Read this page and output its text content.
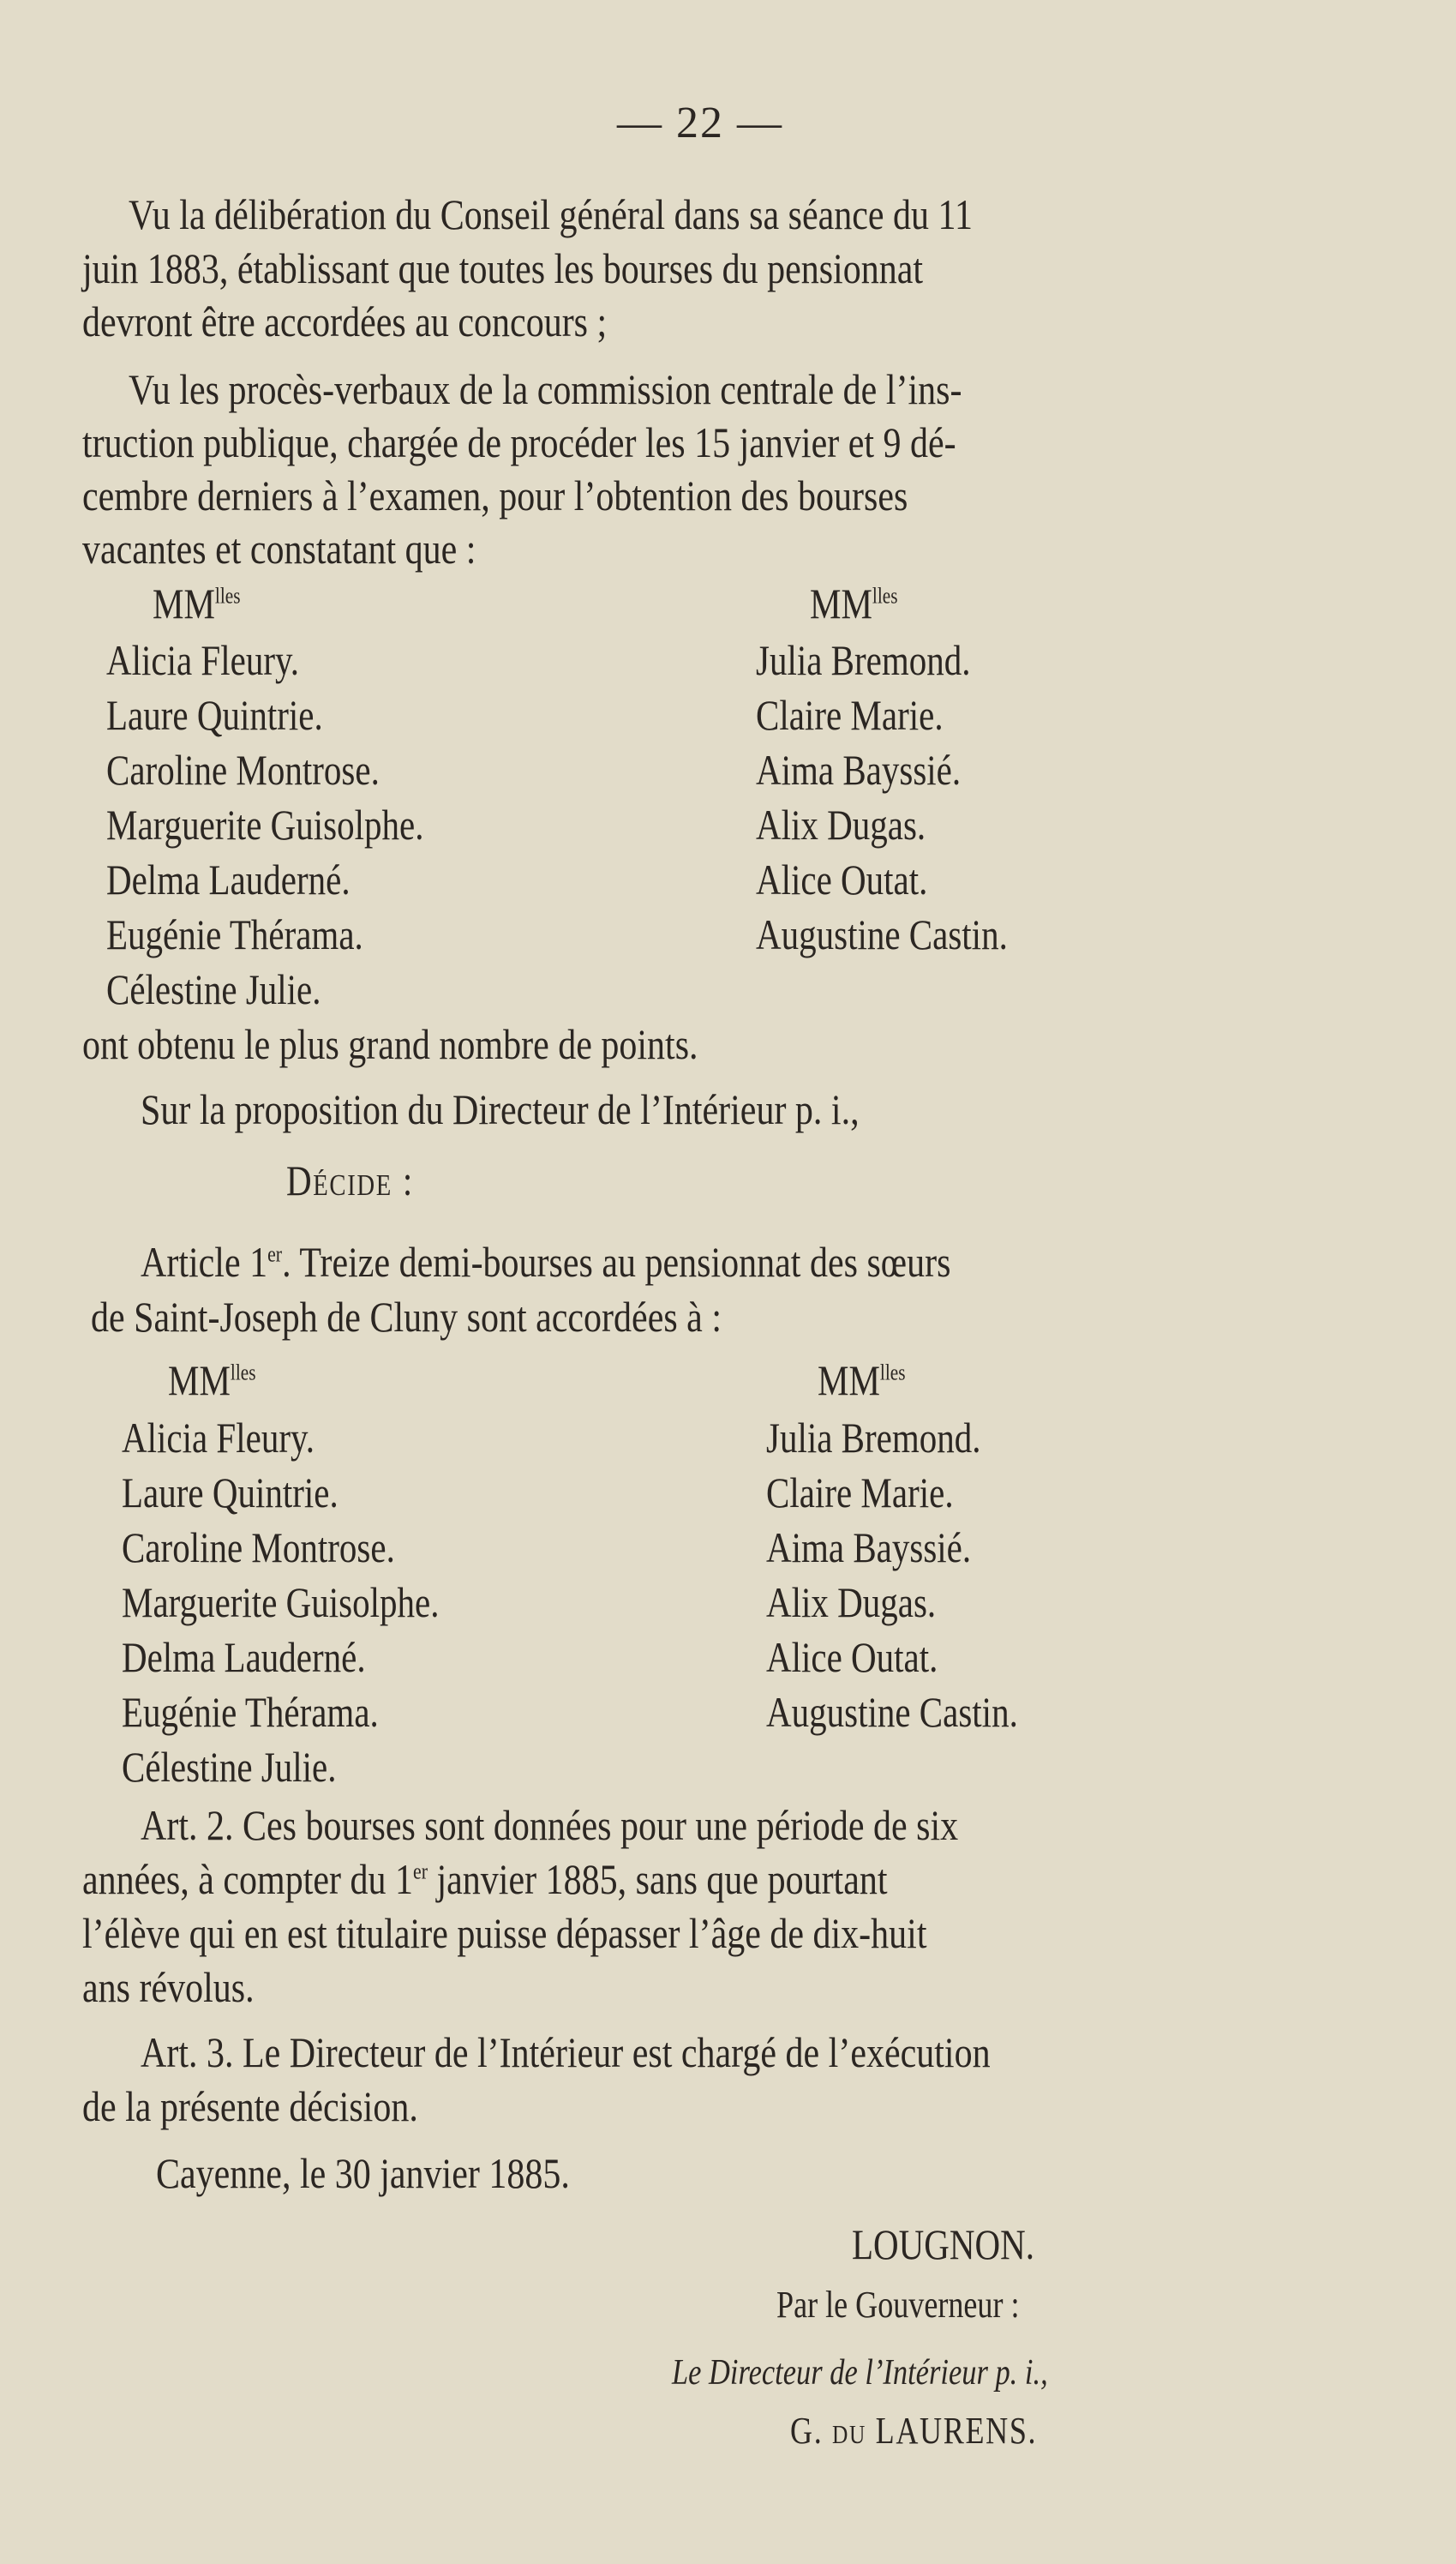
— 22 —
Vu la délibération du Conseil général dans sa séance du 11
juin 1883, établissant que toutes les bourses du pensionnat
devront être accordées au concours ;
Vu les procès-verbaux de la commission centrale de l’ins-
truction publique, chargée de procéder les 15 janvier et 9 dé-
cembre derniers à l’examen, pour l’obtention des bourses
vacantes et constatant que :
$MM^{lles}$	$MM^{lles}$
Alicia Fleury.
Laure Quintrie.
Caroline Montrose.
Marguerite Guisolphe.
Delma Lauderné.
Eugénie Thérama.
Célestine Julie.
Julia Bremond.
Claire Marie.
Aima Bayssié.
Alix Dugas.
Alice Outat.
Augustine Castin.
ont obtenu le plus grand nombre de points.
Sur la proposition du Directeur de l’Intérieur p. i.,
Décide :
Article 1er. Treize demi-bourses au pensionnat des sœurs
de Saint-Joseph de Cluny sont accordées à :
$MM^{lles}$	$MM^{lles}$
Alicia Fleury.
Laure Quintrie.
Caroline Montrose.
Marguerite Guisolphe.
Delma Lauderné.
Eugénie Thérama.
Célestine Julie.
Julia Bremond.
Claire Marie.
Aima Bayssié.
Alix Dugas.
Alice Outat.
Augustine Castin.
Art. 2. Ces bourses sont données pour une période de six
années, à compter du 1er janvier 1885, sans que pourtant
l’élève qui en est titulaire puisse dépasser l’âge de dix-huit
ans révolus.
Art. 3. Le Directeur de l’Intérieur est chargé de l’exécution
de la présente décision.
Cayenne, le 30 janvier 1885.
LOUGNON.
Par le Gouverneur :
Le Directeur de l’Intérieur p. i.,
G. du LAURENS.
